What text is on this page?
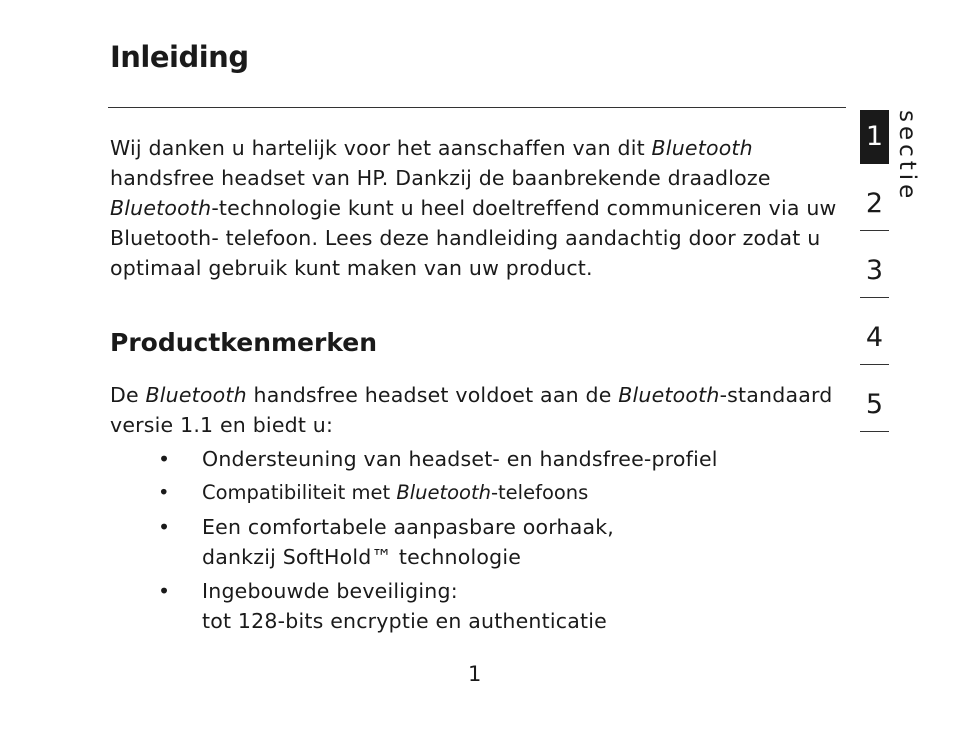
Inleiding

Wij danken u hartelijk voor het aanschaffen van dit Bluetooth handsfree headset van HP. Dankzij de baanbrekende draadloze Bluetooth-technologie kunt u heel doeltreffend communiceren via uw Bluetooth- telefoon. Lees deze handleiding aandachtig door zodat u optimaal gebruik kunt maken van uw product.

Productkenmerken

De Bluetooth handsfree headset voldoet aan de Bluetooth-standaard versie 1.1 en biedt u:

• Ondersteuning van headset- en handsfree-profiel
• Compatibiliteit met Bluetooth-telefoons
• Een comfortabele aanpasbare oorhaak,
dankzij SoftHold™ technologie
• Ingebouwde beveiliging:
tot 128-bits encryptie en authenticatie
1
sectie
1
2
3
4
5
